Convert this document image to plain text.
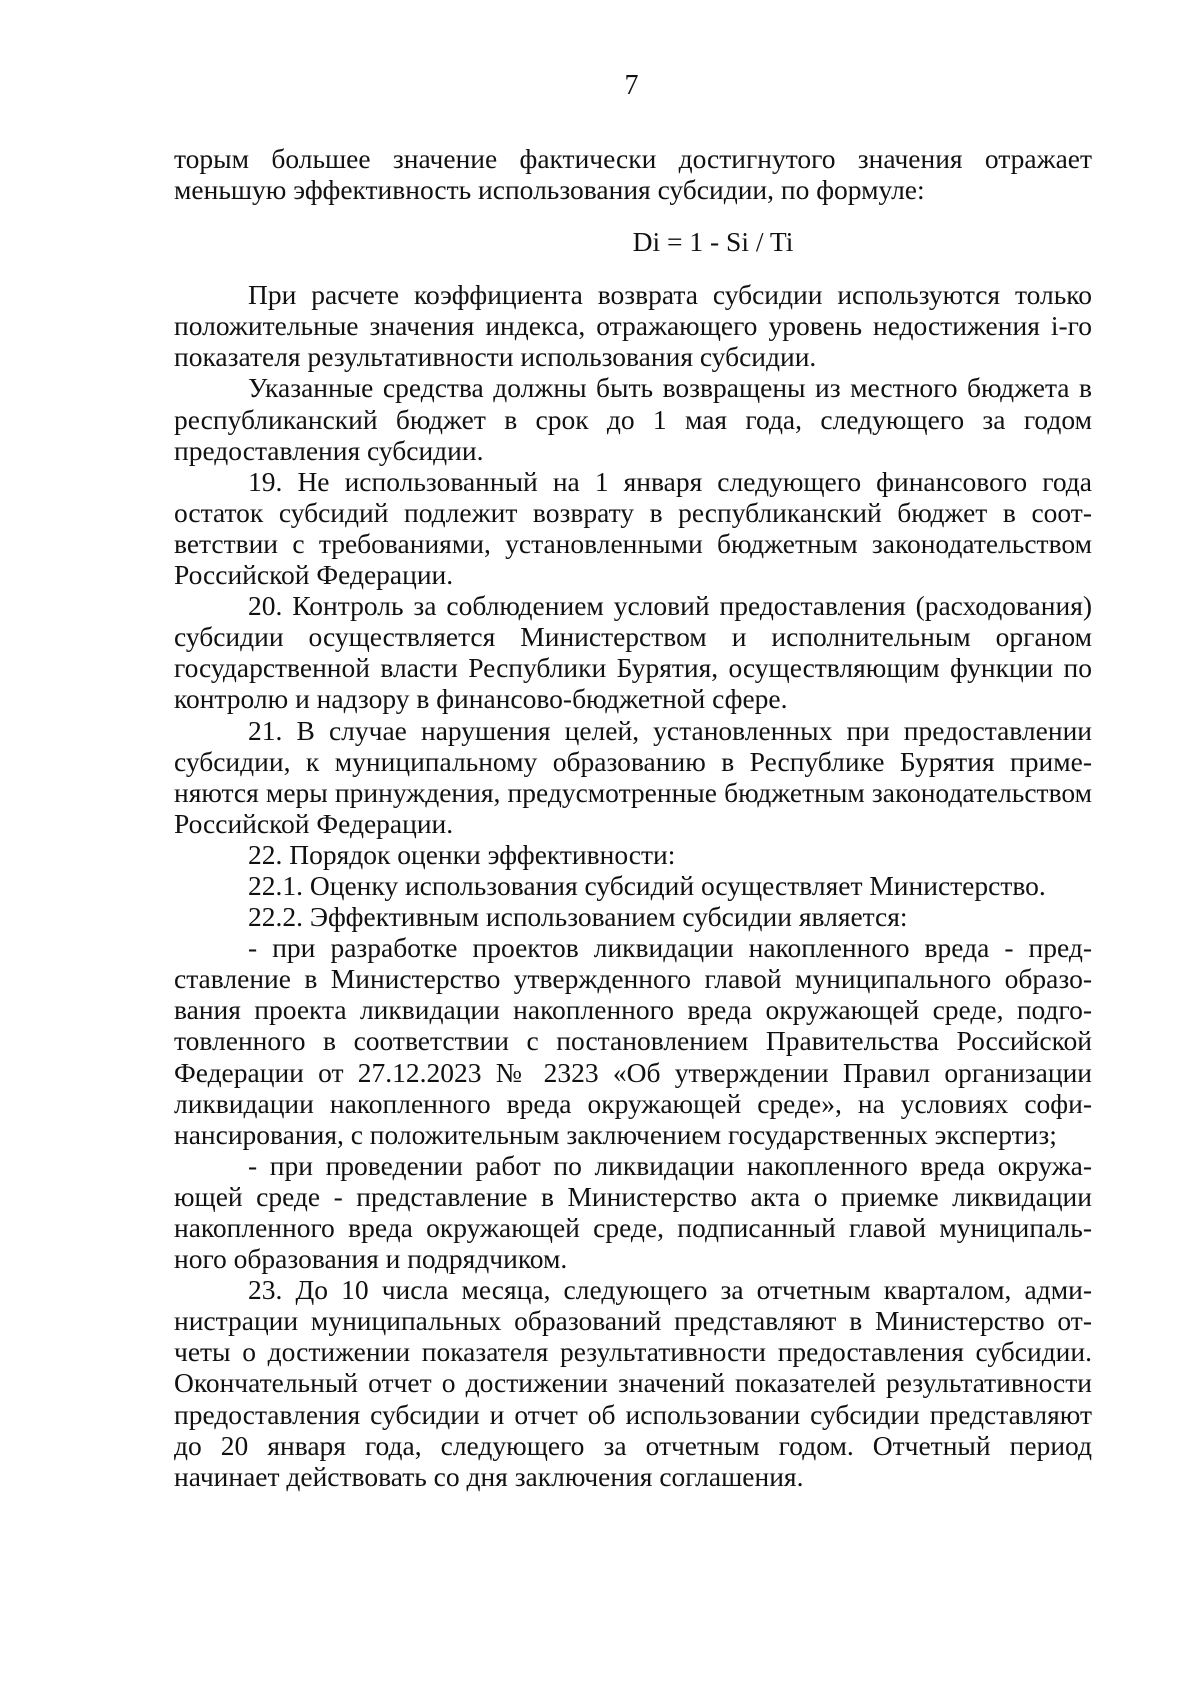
7

торым большее значение фактически достигнутого значения отражает меньшую эффективность использования субсидии, по формуле:

Di = 1 - Si / Ti

При расчете коэффициента возврата субсидии используются только положительные значения индекса, отражающего уровень недостижения i-го показателя результативности использования субсидии.

Указанные средства должны быть возвращены из местного бюджета в республиканский бюджет в срок до 1 мая года, следующего за годом предоставления субсидии.

19. Не использованный на 1 января следующего финансового года остаток субсидий подлежит возврату в республиканский бюджет в соответствии с требованиями, установленными бюджетным законодательством Российской Федерации.

20. Контроль за соблюдением условий предоставления (расходования) субсидии осуществляется Министерством и исполнительным органом государственной власти Республики Бурятия, осуществляющим функции по контролю и надзору в финансово-бюджетной сфере.

21. В случае нарушения целей, установленных при предоставлении субсидии, к муниципальному образованию в Республике Бурятия применяются меры принуждения, предусмотренные бюджетным законодательством Российской Федерации.

22. Порядок оценки эффективности:

22.1. Оценку использования субсидий осуществляет Министерство.

22.2. Эффективным использованием субсидии является:

- при разработке проектов ликвидации накопленного вреда - представление в Министерство утвержденного главой муниципального образования проекта ликвидации накопленного вреда окружающей среде, подготовленного в соответствии с постановлением Правительства Российской Федерации от 27.12.2023 № 2323 «Об утверждении Правил организации ликвидации накопленного вреда окружающей среде», на условиях софинансирования, с положительным заключением государственных экспертиз;

- при проведении работ по ликвидации накопленного вреда окружающей среде - представление в Министерство акта о приемке ликвидации накопленного вреда окружающей среде, подписанный главой муниципального образования и подрядчиком.

23. До 10 числа месяца, следующего за отчетным кварталом, администрации муниципальных образований представляют в Министерство отчеты о достижении показателя результативности предоставления субсидии. Окончательный отчет о достижении значений показателей результативности предоставления субсидии и отчет об использовании субсидии представляют до 20 января года, следующего за отчетным годом. Отчетный период начинает действовать со дня заключения соглашения.
